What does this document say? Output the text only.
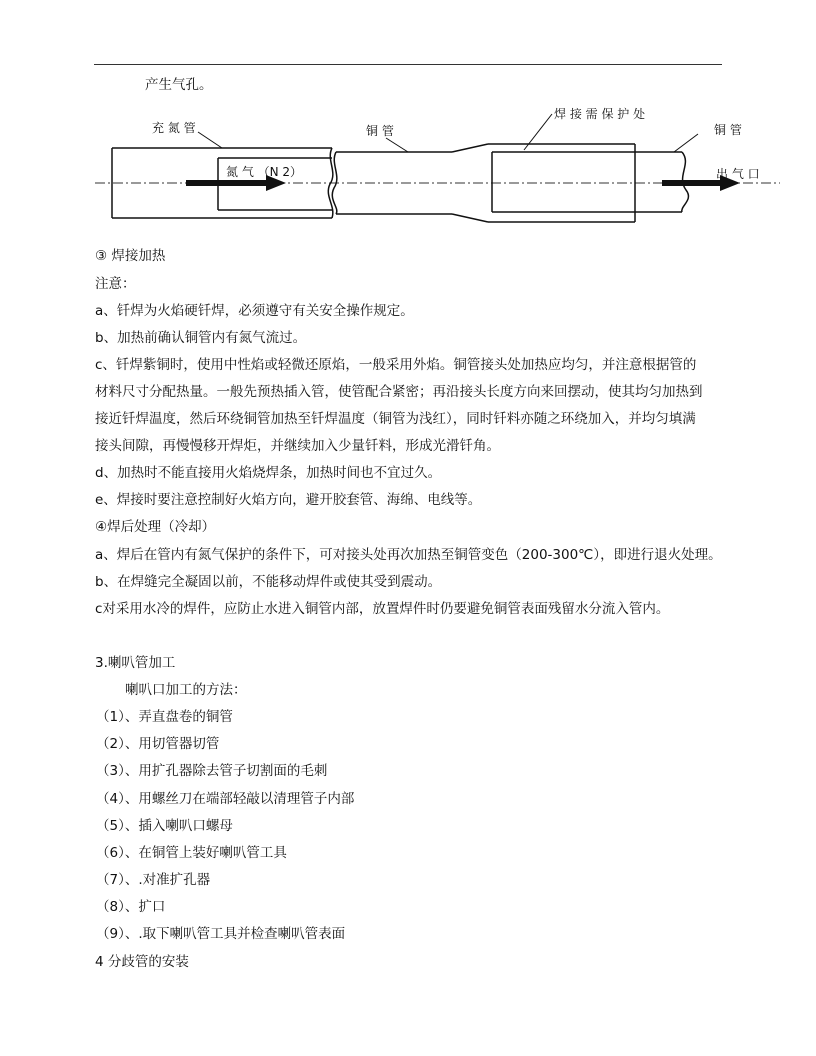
产生气孔。
充 氮 管	铜 管
焊 接 需 保 护 处
铜 管
氮 气 （N 2）	出 气 口
③ 焊接加热
注意：
a、钎焊为火焰硬钎焊，必须遵守有关安全操作规定。
b、加热前确认铜管内有氮气流过。
c、钎焊紫铜时，使用中性焰或轻微还原焰，一般采用外焰。铜管接头处加热应均匀，并注意根据管的
材料尺寸分配热量。一般先预热插入管，使管配合紧密；再沿接头长度方向来回摆动，使其均匀加热到
接近钎焊温度，然后环绕铜管加热至钎焊温度（铜管为浅红），同时钎料亦随之环绕加入，并均匀填满
接头间隙，再慢慢移开焊炬，并继续加入少量钎料，形成光滑钎角。
d、加热时不能直接用火焰烧焊条，加热时间也不宜过久。
e、焊接时要注意控制好火焰方向，避开胶套管、海绵、电线等。
④焊后处理（冷却）
a、焊后在管内有氮气保护的条件下，可对接头处再次加热至铜管变色（200-300℃），即进行退火处理。
b、在焊缝完全凝固以前，不能移动焊件或使其受到震动。
c对采用水冷的焊件，应防止水进入铜管内部，放置焊件时仍要避免铜管表面残留水分流入管内。
3.喇叭管加工
喇叭口加工的方法：
（1）、弄直盘卷的铜管
（2）、用切管器切管
（3）、用扩孔器除去管子切割面的毛刺
（4）、用螺丝刀在端部轻敲以清理管子内部
（5）、插入喇叭口螺母
（6）、在铜管上装好喇叭管工具
（7）、.对准扩孔器
（8）、扩口
（9）、.取下喇叭管工具并检查喇叭管表面
4 分歧管的安装
